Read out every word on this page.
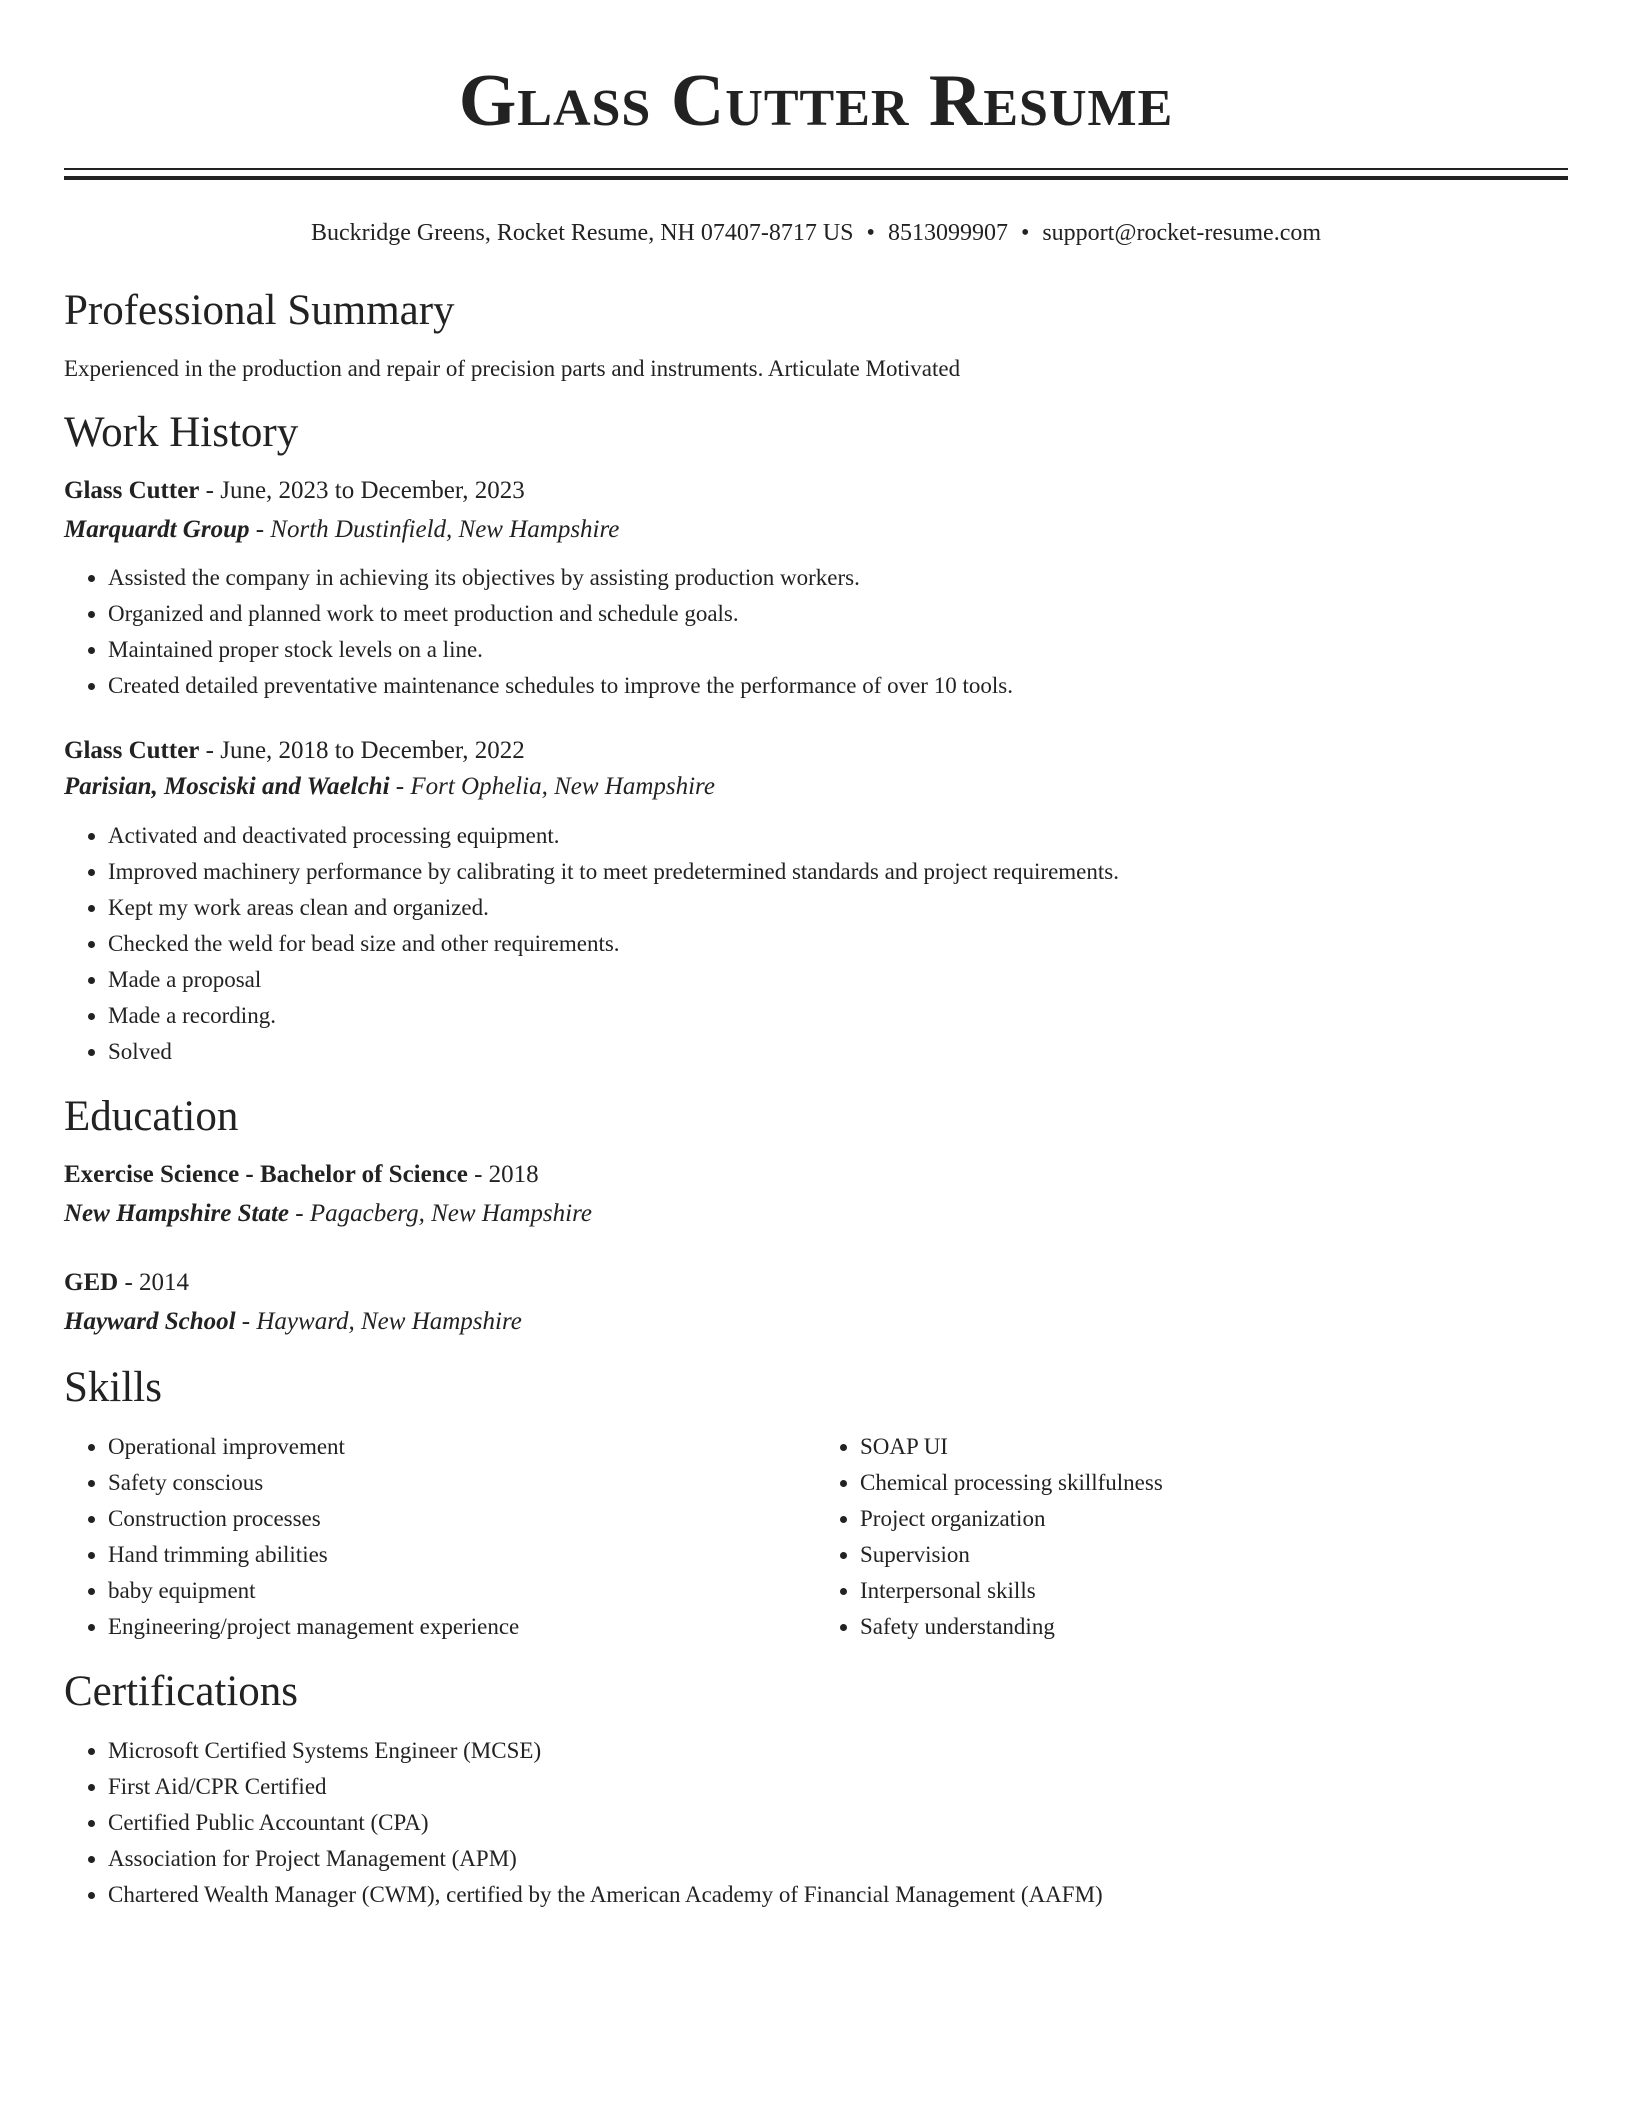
Glass Cutter Resume
Buckridge Greens, Rocket Resume, NH 07407-8717 US • 8513099907 • support@rocket-resume.com
Professional Summary

Experienced in the production and repair of precision parts and instruments. Articulate Motivated

Work History
Glass Cutter - June, 2023 to December, 2023
Marquardt Group - North Dustinfield, New Hampshire
• Assisted the company in achieving its objectives by assisting production workers.
• Organized and planned work to meet production and schedule goals.
• Maintained proper stock levels on a line.
• Created detailed preventative maintenance schedules to improve the performance of over 10 tools.
Glass Cutter - June, 2018 to December, 2022
Parisian, Mosciski and Waelchi - Fort Ophelia, New Hampshire
• Activated and deactivated processing equipment.
• Improved machinery performance by calibrating it to meet predetermined standards and project requirements.
• Kept my work areas clean and organized.
• Checked the weld for bead size and other requirements.
• Made a proposal
• Made a recording.
• Solved
Education
Exercise Science - Bachelor of Science - 2018
New Hampshire State - Pagacberg, New Hampshire
GED - 2014
Hayward School - Hayward, New Hampshire
Skills
• Operational improvement
• Safety conscious
• Construction processes
• Hand trimming abilities
• baby equipment
• Engineering/project management experience
• SOAP UI
• Chemical processing skillfulness
• Project organization
• Supervision
• Interpersonal skills
• Safety understanding
Certifications
• Microsoft Certified Systems Engineer (MCSE)
• First Aid/CPR Certified
• Certified Public Accountant (CPA)
• Association for Project Management (APM)
• Chartered Wealth Manager (CWM), certified by the American Academy of Financial Management (AAFM)
